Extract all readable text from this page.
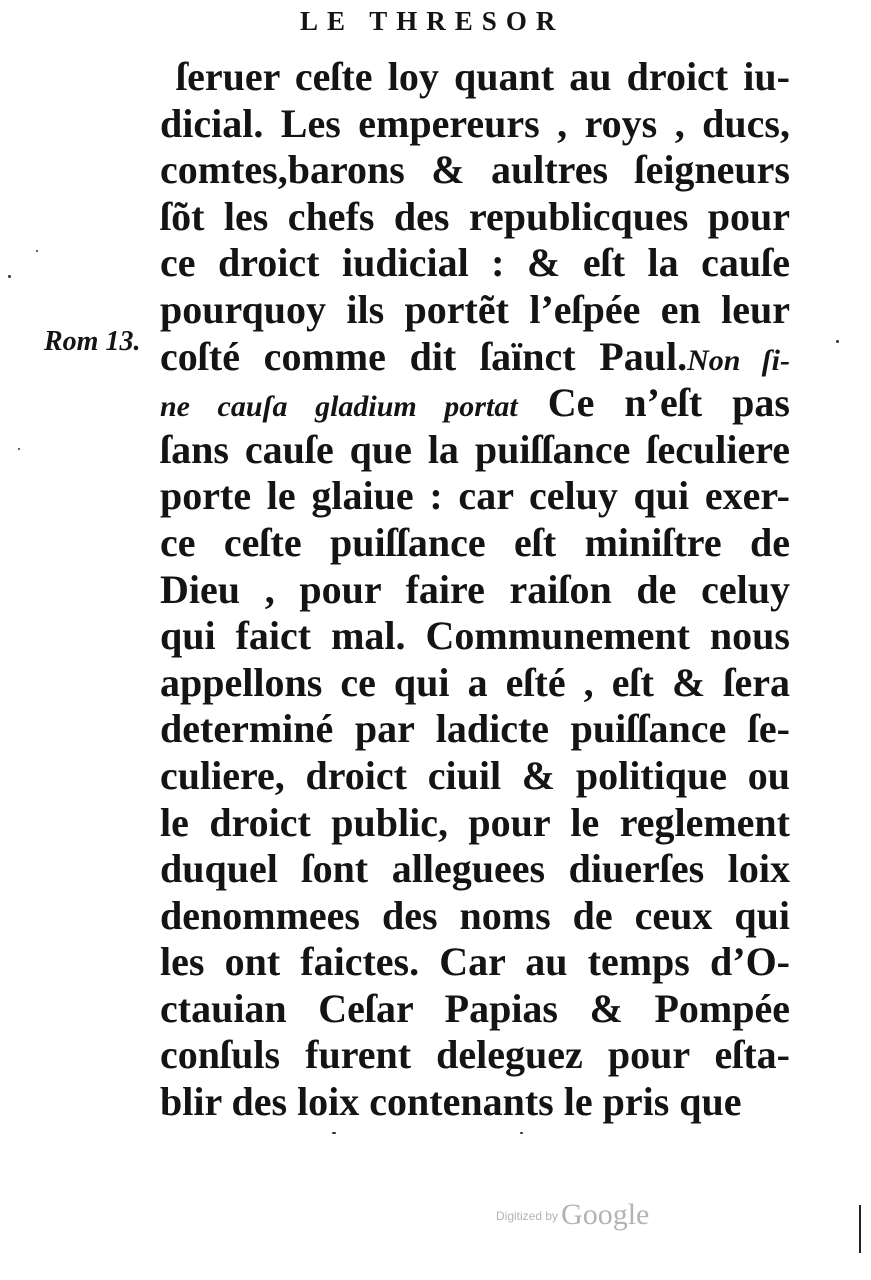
LE THRESOR
Rom 13.
ſeruer ceſte loy quant au droict iu-
dicial. Les empereurs , roys , ducs,
comtes,barons & aultres ſeigneurs
ſõt les chefs des republicques pour
ce droict iudicial : & eſt la cauſe
pourquoy ils portẽt l’eſpée en leur
coſté comme dit ſaïnct Paul.Non ſi-
ne cauſa gladium portat Ce n’eſt pas
ſans cauſe que la puiſſance ſeculiere
porte le glaiue : car celuy qui exer-
ce ceſte puiſſance eſt miniſtre de
Dieu , pour faire raiſon de celuy
qui faict mal. Communement nous
appellons ce qui a eſté , eſt & ſera
determiné par ladicte puiſſance ſe-
culiere, droict ciuil & politique ou
le droict public, pour le reglement
duquel ſont alleguees diuerſes loix
denommees des noms de ceux qui
les ont faictes. Car au temps d’O-
ctauian Ceſar Papias & Pompée
conſuls furent deleguez pour eſta-
blir des loix contenants le pris que
$^{Digitized by}$ Google
